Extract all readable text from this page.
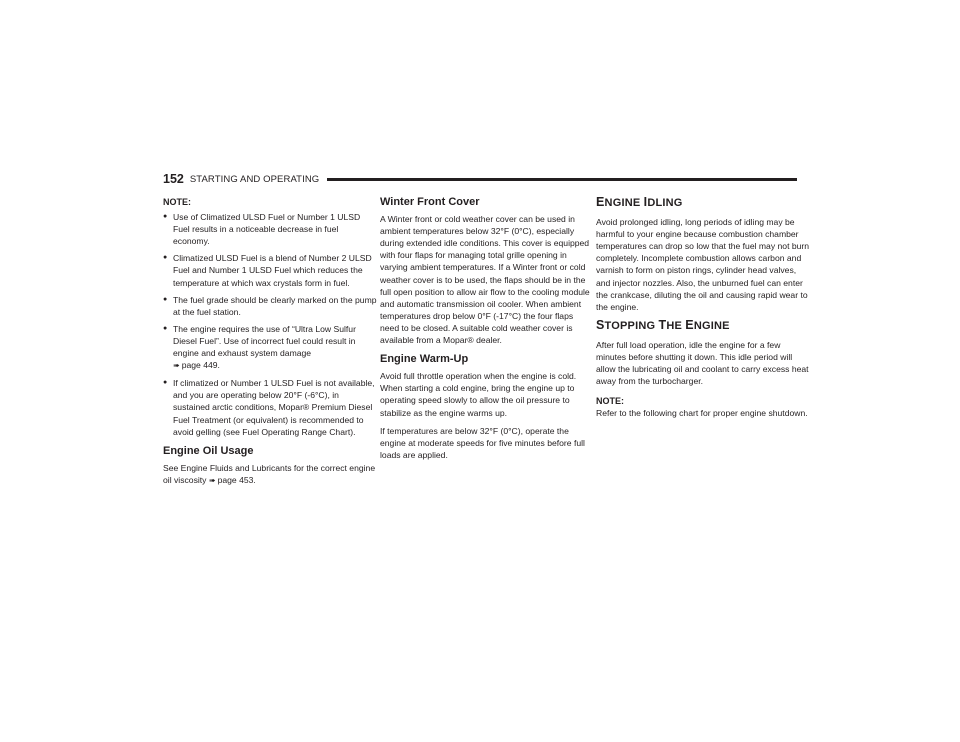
152 STARTING AND OPERATING
NOTE:
● Use of Climatized ULSD Fuel or Number 1 ULSD Fuel results in a noticeable decrease in fuel economy.
● Climatized ULSD Fuel is a blend of Number 2 ULSD Fuel and Number 1 ULSD Fuel which reduces the temperature at which wax crystals form in fuel.
● The fuel grade should be clearly marked on the pump at the fuel station.
● The engine requires the use of “Ultra Low Sulfur Diesel Fuel”. Use of incorrect fuel could result in engine and exhaust system damage
➠ page 449.
● If climatized or Number 1 ULSD Fuel is not available, and you are operating below 20°F (-6°C), in sustained arctic conditions, Mopar® Premium Diesel Fuel Treatment (or equivalent) is recommended to avoid gelling (see Fuel Operating Range Chart).
Engine Oil Usage

See Engine Fluids and Lubricants for the correct engine oil viscosity ➠ page 453.

Winter Front Cover

A Winter front or cold weather cover can be used in ambient temperatures below 32°F (0°C), especially during extended idle conditions. This cover is equipped with four flaps for managing total grille opening in varying ambient temperatures. If a Winter front or cold weather cover is to be used, the flaps should be in the full open position to allow air flow to the cooling module and automatic transmission oil cooler. When ambient temperatures drop below 0°F (-17°C) the four flaps need to be closed. A suitable cold weather cover is available from a Mopar® dealer.

Engine Warm-Up

Avoid full throttle operation when the engine is cold. When starting a cold engine, bring the engine up to operating speed slowly to allow the oil pressure to stabilize as the engine warms up.

If temperatures are below 32°F (0°C), operate the engine at moderate speeds for five minutes before full loads are applied.

ENGINE IDLING

Avoid prolonged idling, long periods of idling may be harmful to your engine because combustion chamber temperatures can drop so low that the fuel may not burn completely. Incomplete combustion allows carbon and varnish to form on piston rings, cylinder head valves, and injector nozzles. Also, the unburned fuel can enter the crankcase, diluting the oil and causing rapid wear to the engine.

STOPPING THE ENGINE

After full load operation, idle the engine for a few minutes before shutting it down. This idle period will allow the lubricating oil and coolant to carry excess heat away from the turbocharger.

NOTE:

Refer to the following chart for proper engine shutdown.
